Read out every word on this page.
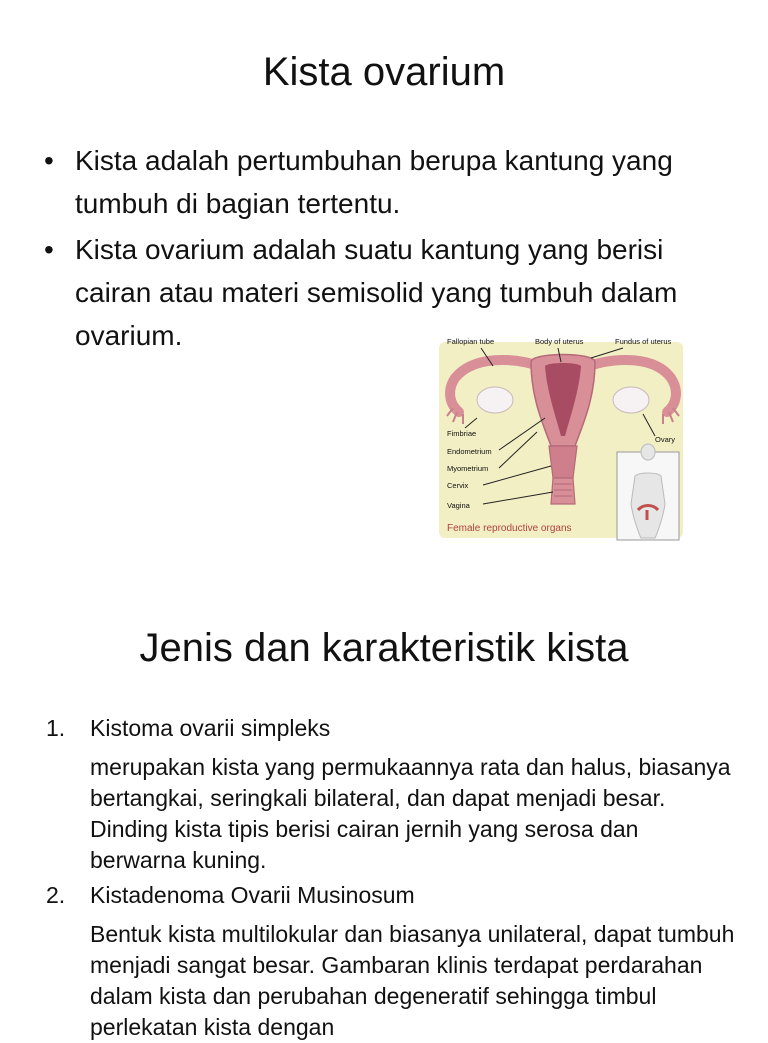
Kista ovarium
• Kista adalah pertumbuhan berupa kantung yang tumbuh di bagian tertentu.
• Kista ovarium adalah suatu kantung yang berisi cairan atau materi semisolid yang tumbuh dalam ovarium.	Fallopian tube	Body of uterus	Fundus of uterus
Fimbriae
Endometrium
Myometrium
Cervix
Vagina
Ovary
Female reproductive organs
Jenis dan karakteristik kista
1.	Kistoma ovarii simpleks
merupakan kista yang permukaannya rata dan halus, biasanya bertangkai, seringkali bilateral, dan dapat menjadi besar. Dinding kista tipis berisi cairan jernih yang serosa dan berwarna kuning.
2.	Kistadenoma Ovarii Musinosum
Bentuk kista multilokular dan biasanya unilateral, dapat tumbuh menjadi sangat besar. Gambaran klinis terdapat perdarahan dalam kista dan perubahan degeneratif sehingga timbul perlekatan kista dengan
